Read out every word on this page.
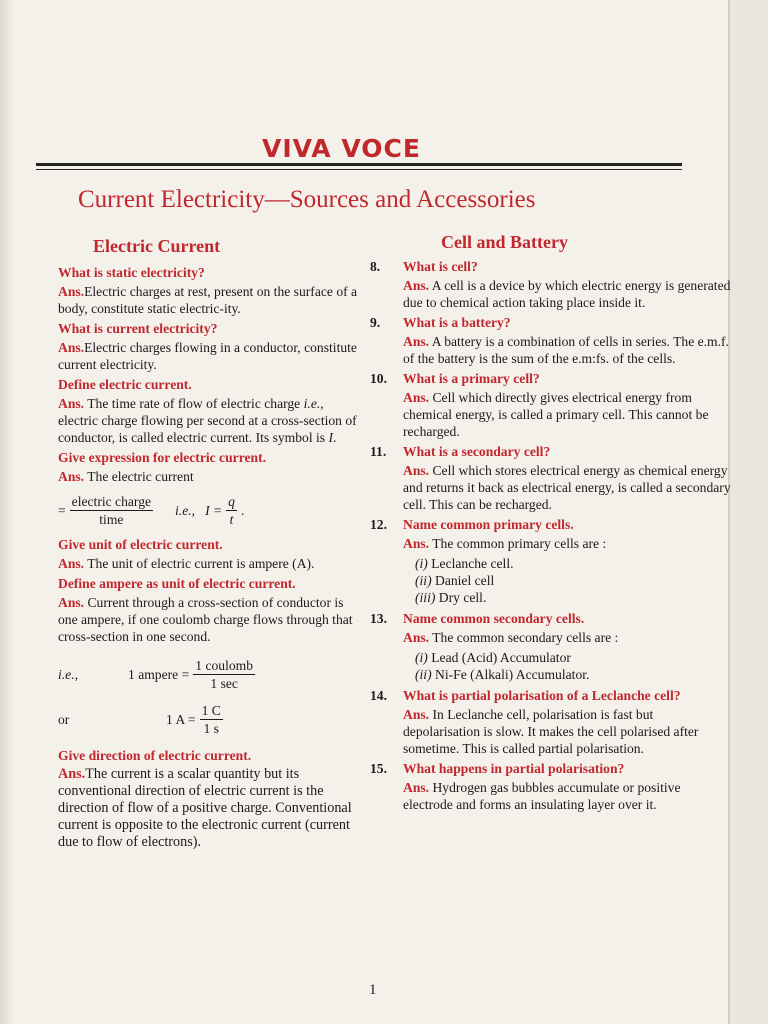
VIVA VOCE
Current Electricity—Sources and Accessories
Electric Current	Cell and Battery
What is static electricity?
Ans.Electric charges at rest, present on the surface of a body, constitute static electric-ity.
What is current electricity?
Ans.Electric charges flowing in a conductor, constitute current electricity.
Define electric current.
Ans. The time rate of flow of electric charge i.e., electric charge flowing per second at a cross-section of conductor, is called electric current. Its symbol is I.
Give expression for electric current.
Ans. The electric current
= $\frac{\text{electric charge}}{\text{time}} i.e$., $I = \frac{q}{t}$ .
Give unit of electric current.
Ans. The unit of electric current is ampere (A).
Define ampere as unit of electric current.
Ans. Current through a cross-section of conductor is one ampere, if one coulomb charge flows through that cross-section in one second.
i.e.,	1 ampere = $\frac{\text{1 coulomb}}{1 \sec}$
or	1 $A = \frac{1 C}{1 s}$
Give direction of electric current.
Ans.The current is a scalar quantity but its conventional direction of electric current is the direction of flow of a positive charge. Conventional current is opposite to the electronic current (current due to flow of electrons).
8. What is cell?
Ans. A cell is a device by which electric energy is generated due to chemical action taking place inside it.
9. What is a battery?
Ans. A battery is a combination of cells in series. The e.m.f. of the battery is the sum of the e.m:fs. of the cells.
10. What is a primary cell?
Ans. Cell which directly gives electrical energy from chemical energy, is called a primary cell. This cannot be recharged.
11. What is a secondary cell?
Ans. Cell which stores electrical energy as chemical energy and returns it back as electrical energy, is called a secondary cell. This can be recharged.
12. Name common primary cells.
Ans. The common primary cells are :
(i) Leclanche cell.
(ii) Daniel cell
(iii) Dry cell.
13. Name common secondary cells.
Ans. The common secondary cells are :
(i) Lead (Acid) Accumulator
(ii) Ni-Fe (Alkali) Accumulator.
14. What is partial polarisation of a Leclanche cell?
Ans. In Leclanche cell, polarisation is fast but depolarisation is slow. It makes the cell polarised after sometime. This is called partial polarisation.
15. What happens in partial polarisation?
Ans. Hydrogen gas bubbles accumulate or positive electrode and forms an insulating layer over it.
1
